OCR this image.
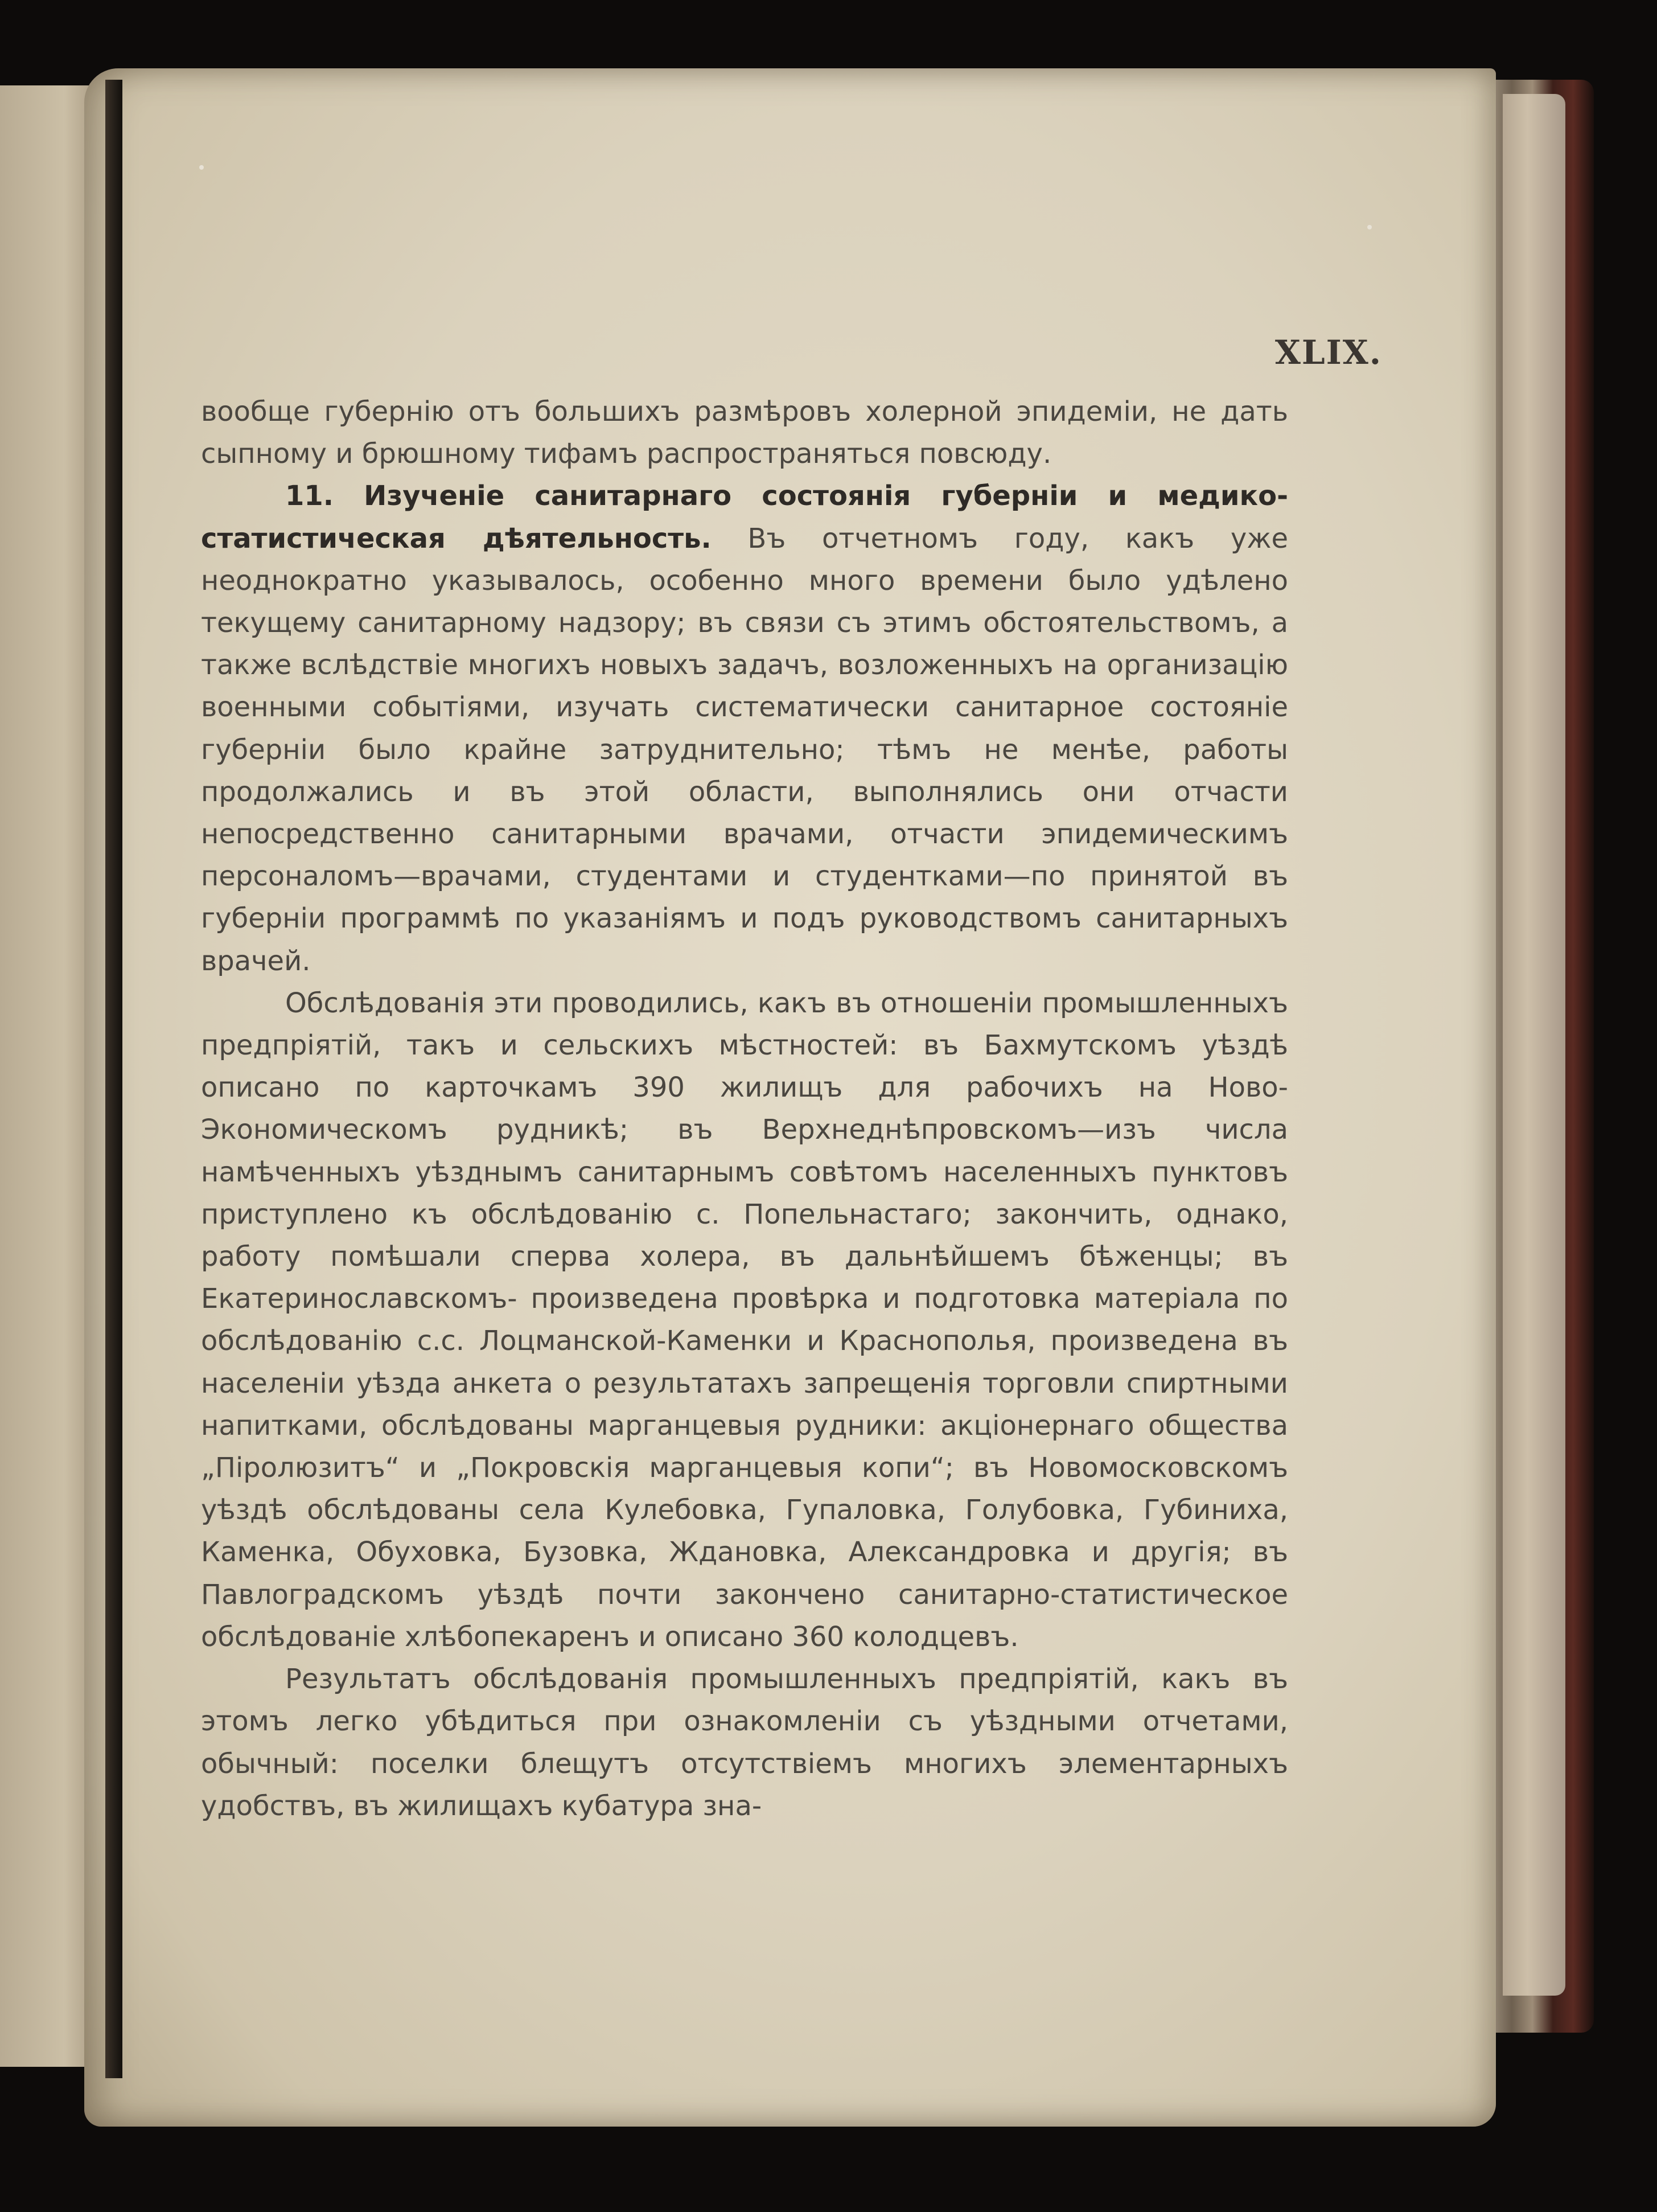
XLIX.

вообще губернію отъ большихъ размѣровъ холерной эпидеміи, не дать сыпному и брюшному тифамъ распространяться повсюду.

11. Изученіе санитарнаго состоянія губерніи и медико-статистическая дѣятельность. Въ отчетномъ году, какъ уже неоднократно указывалось, особенно много времени было удѣлено текущему санитарному надзору; въ связи съ этимъ обстоятельствомъ, а также вслѣдствіе многихъ новыхъ задачъ, возложенныхъ на организацію военными событіями, изучать систематически санитарное состояніе губерніи было крайне затруднительно; тѣмъ не менѣе, работы продолжались и въ этой области, выполнялись они отчасти непосредственно санитарными врачами, отчасти эпидемическимъ персоналомъ—врачами, студентами и студентками—по принятой въ губерніи программѣ по указаніямъ и подъ руководствомъ санитарныхъ врачей.

Обслѣдованія эти проводились, какъ въ отношеніи промышленныхъ предпріятій, такъ и сельскихъ мѣстностей: въ Бахмутскомъ уѣздѣ описано по карточкамъ 390 жилищъ для рабочихъ на Ново-Экономическомъ рудникѣ; въ Верхнеднѣпровскомъ—изъ числа намѣченныхъ уѣзднымъ санитарнымъ совѣтомъ населенныхъ пунктовъ приступлено къ обслѣдованію с. Попельнастаго; закончить, однако, работу помѣшали сперва холера, въ дальнѣйшемъ бѣженцы; въ Екатеринославскомъ- произведена провѣрка и подготовка матеріала по обслѣдованію с.с. Лоцманской-Каменки и Краснополья, произведена въ населеніи уѣзда анкета о результатахъ запрещенія торговли спиртными напитками, обслѣдованы марганцевыя рудники: акціонернаго общества „Піролюзитъ“ и „Покровскія марганцевыя копи“; въ Новомосковскомъ уѣздѣ обслѣдованы села Кулебовка, Гупаловка, Голубовка, Губиниха, Каменка, Обуховка, Бузовка, Ждановка, Александровка и другія; въ Павлоградскомъ уѣздѣ почти закончено санитарно-статистическое обслѣдованіе хлѣбопекаренъ и описано 360 колодцевъ.

Результатъ обслѣдованія промышленныхъ предпріятій, какъ въ этомъ легко убѣдиться при ознакомленіи съ уѣздными отчетами, обычный: поселки блещутъ отсутствіемъ многихъ элементарныхъ удобствъ, въ жилищахъ кубатура зна-
